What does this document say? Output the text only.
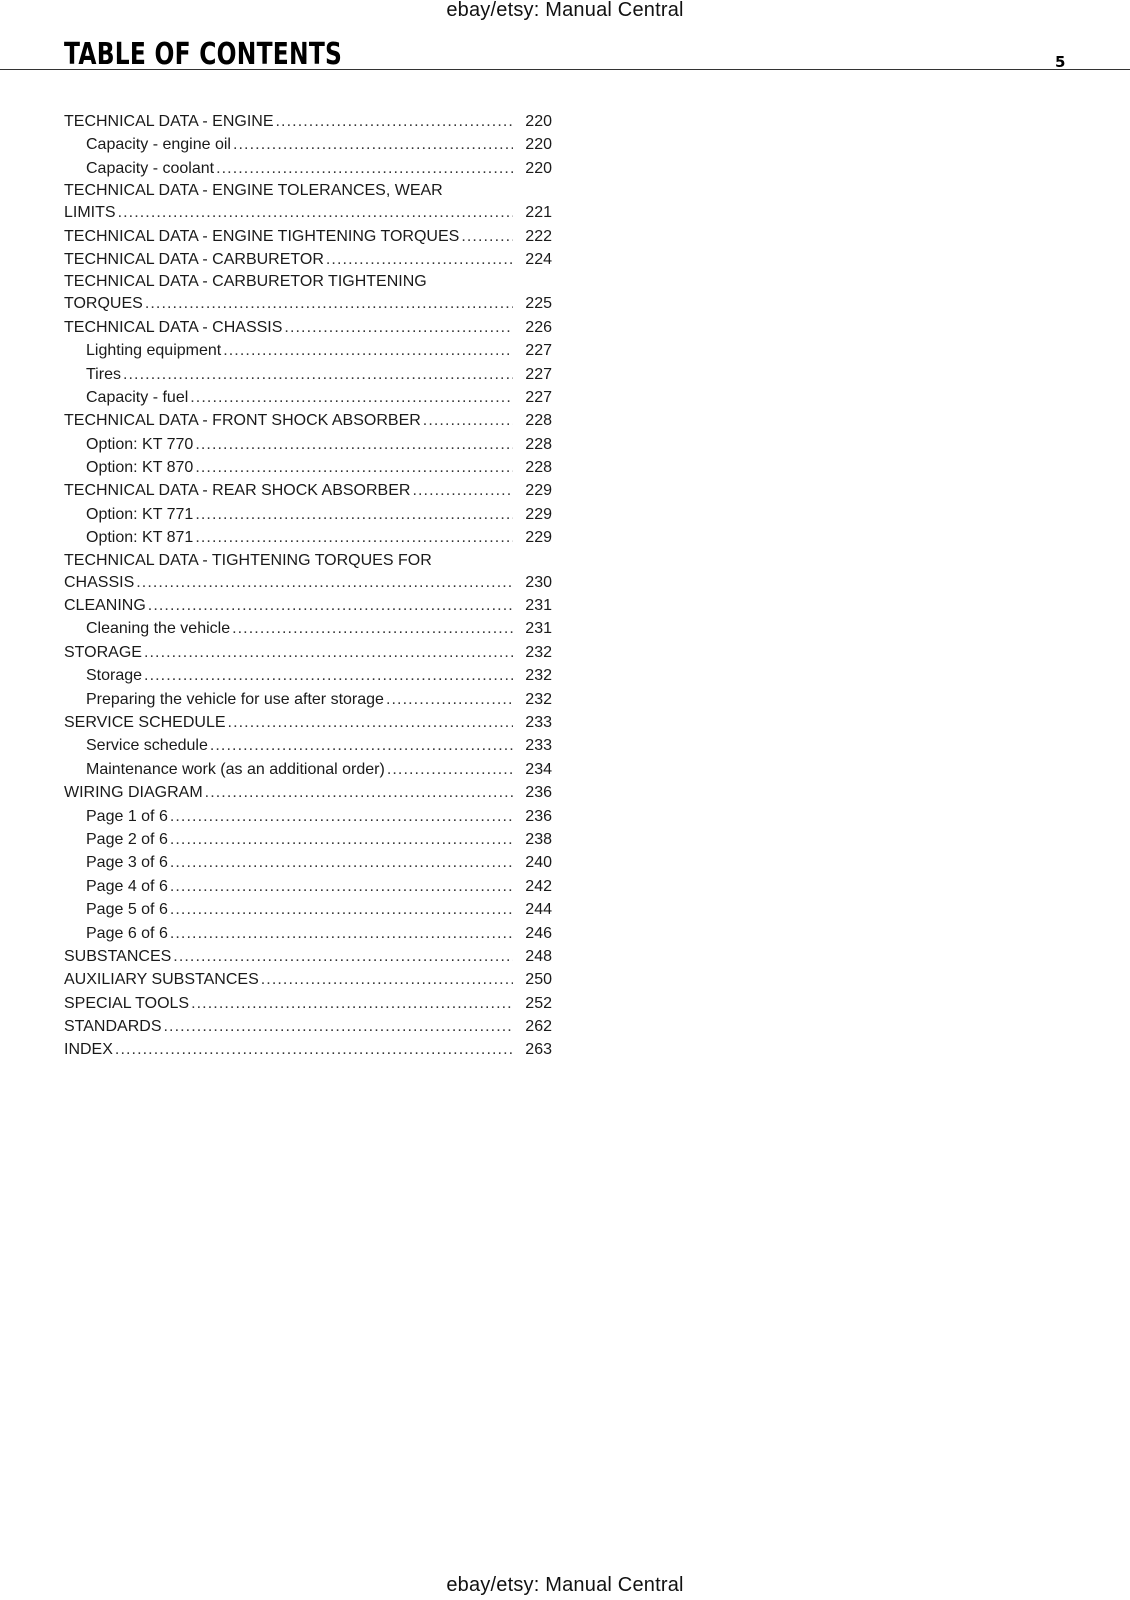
ebay/etsy: Manual Central
TABLE OF CONTENTS	5
TECHNICAL DATA - ENGINE .....	220
Capacity - engine oil .....	220
Capacity - coolant .....	220
TECHNICAL DATA - ENGINE TOLERANCES, WEAR
LIMITS .....	221
TECHNICAL DATA - ENGINE TIGHTENING TORQUES .....	222
TECHNICAL DATA - CARBURETOR .....	224
TECHNICAL DATA - CARBURETOR TIGHTENING
TORQUES .....	225
TECHNICAL DATA - CHASSIS .....	226
Lighting equipment .....	227
Tires .....	227
Capacity - fuel .....	227
TECHNICAL DATA - FRONT SHOCK ABSORBER .....	228
Option: KT 770 .....	228
Option: KT 870 .....	228
TECHNICAL DATA - REAR SHOCK ABSORBER .....	229
Option: KT 771 .....	229
Option: KT 871 .....	229
TECHNICAL DATA - TIGHTENING TORQUES FOR
CHASSIS .....	230
CLEANING .....	231
Cleaning the vehicle .....	231
STORAGE .....	232
Storage .....	232
Preparing the vehicle for use after storage .....	232
SERVICE SCHEDULE .....	233
Service schedule .....	233
Maintenance work (as an additional order) .....	234
WIRING DIAGRAM .....	236
Page 1 of 6 .....	236
Page 2 of 6 .....	238
Page 3 of 6 .....	240
Page 4 of 6 .....	242
Page 5 of 6 .....	244
Page 6 of 6 .....	246
SUBSTANCES .....	248
AUXILIARY SUBSTANCES .....	250
SPECIAL TOOLS .....	252
STANDARDS .....	262
INDEX .....	263
ebay/etsy: Manual Central
